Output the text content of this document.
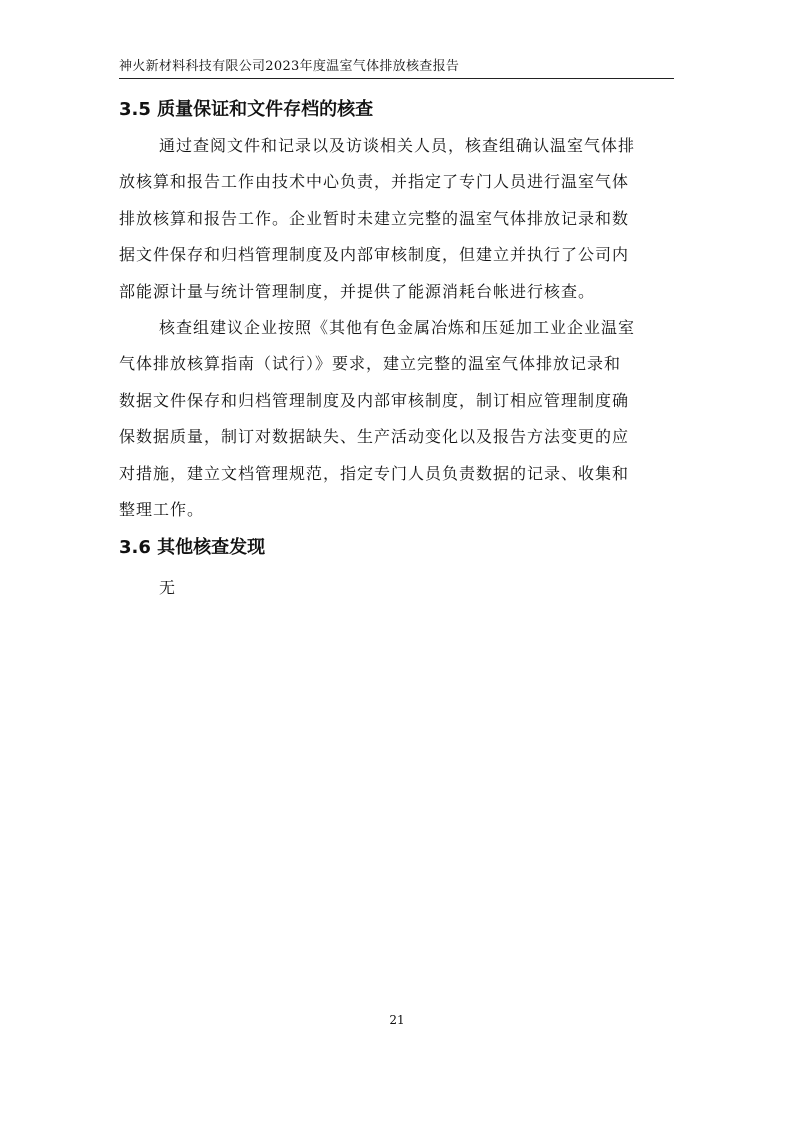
神火新材料科技有限公司2023年度温室气体排放核查报告
3.5 质量保证和文件存档的核查

通过查阅文件和记录以及访谈相关人员，核查组确认温室气体排
放核算和报告工作由技术中心负责，并指定了专门人员进行温室气体
排放核算和报告工作。企业暂时未建立完整的温室气体排放记录和数
据文件保存和归档管理制度及内部审核制度，但建立并执行了公司内
部能源计量与统计管理制度，并提供了能源消耗台帐进行核查。

核查组建议企业按照《其他有色金属冶炼和压延加工业企业温室
气体排放核算指南（试行）》要求，建立完整的温室气体排放记录和
数据文件保存和归档管理制度及内部审核制度，制订相应管理制度确
保数据质量，制订对数据缺失、生产活动变化以及报告方法变更的应
对措施，建立文档管理规范，指定专门人员负责数据的记录、收集和
整理工作。

3.6 其他核查发现

无

21
